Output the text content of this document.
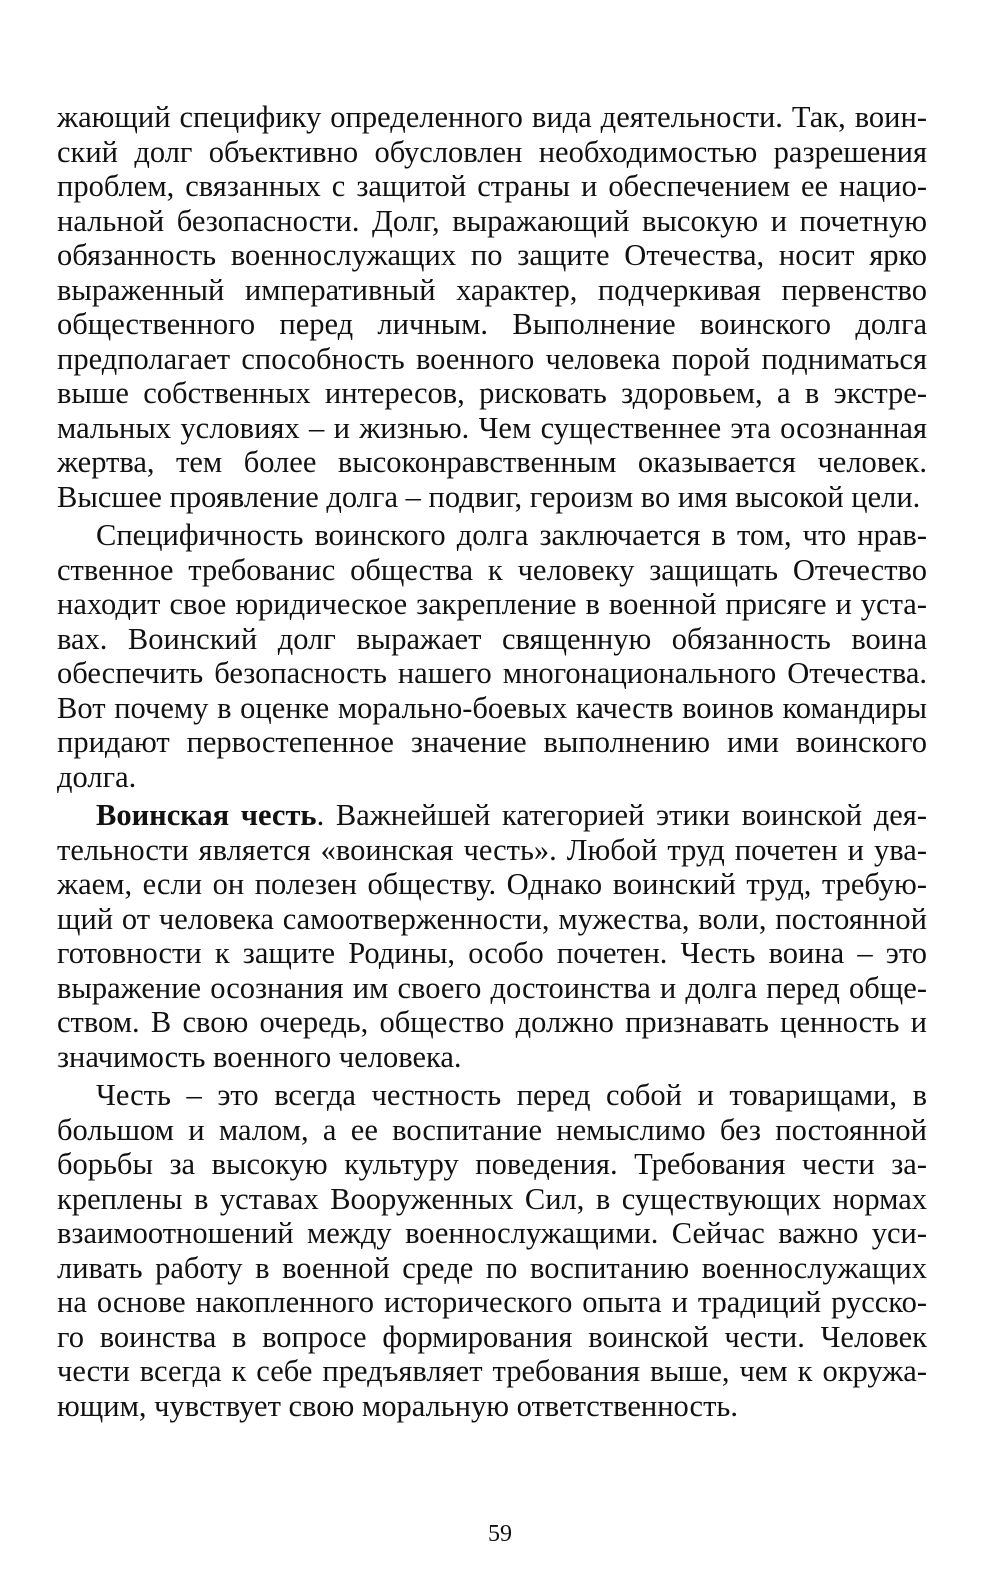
жающий специфику определенного вида деятельности. Так, воинский долг объективно обусловлен необходимостью разрешения проблем, связанных с защитой страны и обеспечением ее национальной безопасности. Долг, выражающий высокую и почетную обязанность военнослужащих по защите Отечества, носит ярко выраженный императивный характер, подчеркивая первенство общественного перед личным. Выполнение воинского долга предполагает способность военного человека порой подниматься выше собственных интересов, рисковать здоровьем, а в экстремальных условиях – и жизнью. Чем существеннее эта осознанная жертва, тем более высоконравственным оказывается человек. Высшее проявление долга – подвиг, героизм во имя высокой цели.

Специфичность воинского долга заключается в том, что нравственное требованис общества к человеку защищать Отечество находит свое юридическое закрепление в военной присяге и уставах. Воинский долг выражает священную обязанность воина обеспечить безопасность нашего многонационального Отечества. Вот почему в оценке морально-боевых качеств воинов командиры придают первостепенное значение выполнению ими воинского долга.

Воинская честь. Важнейшей категорией этики воинской деятельности является «воинская честь». Любой труд почетен и уважаем, если он полезен обществу. Однако воинский труд, требующий от человека самоотверженности, мужества, воли, постоянной готовности к защите Родины, особо почетен. Честь воина – это выражение осознания им своего достоинства и долга перед обществом. В свою очередь, общество должно признавать ценность и значимость военного человека.

Честь – это всегда честность перед собой и товарищами, в большом и малом, а ее воспитание немыслимо без постоянной борьбы за высокую культуру поведения. Требования чести закреплены в уставах Вооруженных Сил, в существующих нормах взаимоотношений между военнослужащими. Сейчас важно усиливать работу в военной среде по воспитанию военнослужащих на основе накопленного исторического опыта и традиций русского воинства в вопросе формирования воинской чести. Человек чести всегда к себе предъявляет требования выше, чем к окружающим, чувствует свою моральную ответственность.

59
